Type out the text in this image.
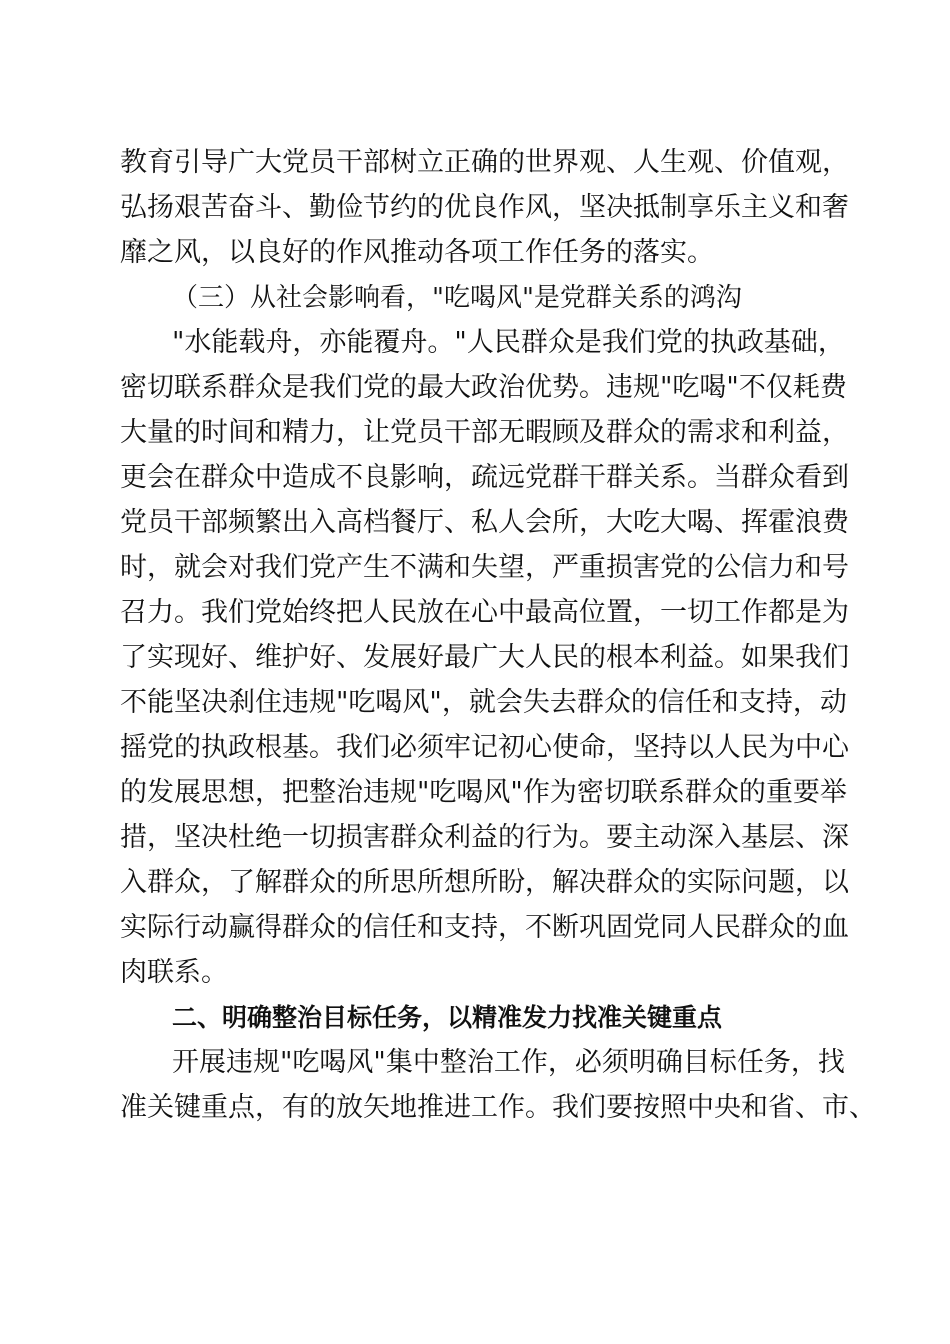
教育引导广大党员干部树立正确的世界观、人生观、价值观，
弘扬艰苦奋斗、勤俭节约的优良作风，坚决抵制享乐主义和奢
靡之风，以良好的作风推动各项工作任务的落实。
（三）从社会影响看，"吃喝风"是党群关系的鸿沟
"水能载舟，亦能覆舟。"人民群众是我们党的执政基础，
密切联系群众是我们党的最大政治优势。违规"吃喝"不仅耗费
大量的时间和精力，让党员干部无暇顾及群众的需求和利益，
更会在群众中造成不良影响，疏远党群干群关系。当群众看到
党员干部频繁出入高档餐厅、私人会所，大吃大喝、挥霍浪费
时，就会对我们党产生不满和失望，严重损害党的公信力和号
召力。我们党始终把人民放在心中最高位置，一切工作都是为
了实现好、维护好、发展好最广大人民的根本利益。如果我们
不能坚决刹住违规"吃喝风"，就会失去群众的信任和支持，动
摇党的执政根基。我们必须牢记初心使命，坚持以人民为中心
的发展思想，把整治违规"吃喝风"作为密切联系群众的重要举
措，坚决杜绝一切损害群众利益的行为。要主动深入基层、深
入群众，了解群众的所思所想所盼，解决群众的实际问题，以
实际行动赢得群众的信任和支持，不断巩固党同人民群众的血
肉联系。
二、明确整治目标任务，以精准发力找准关键重点
开展违规"吃喝风"集中整治工作，必须明确目标任务，找
准关键重点，有的放矢地推进工作。我们要按照中央和省、市、
